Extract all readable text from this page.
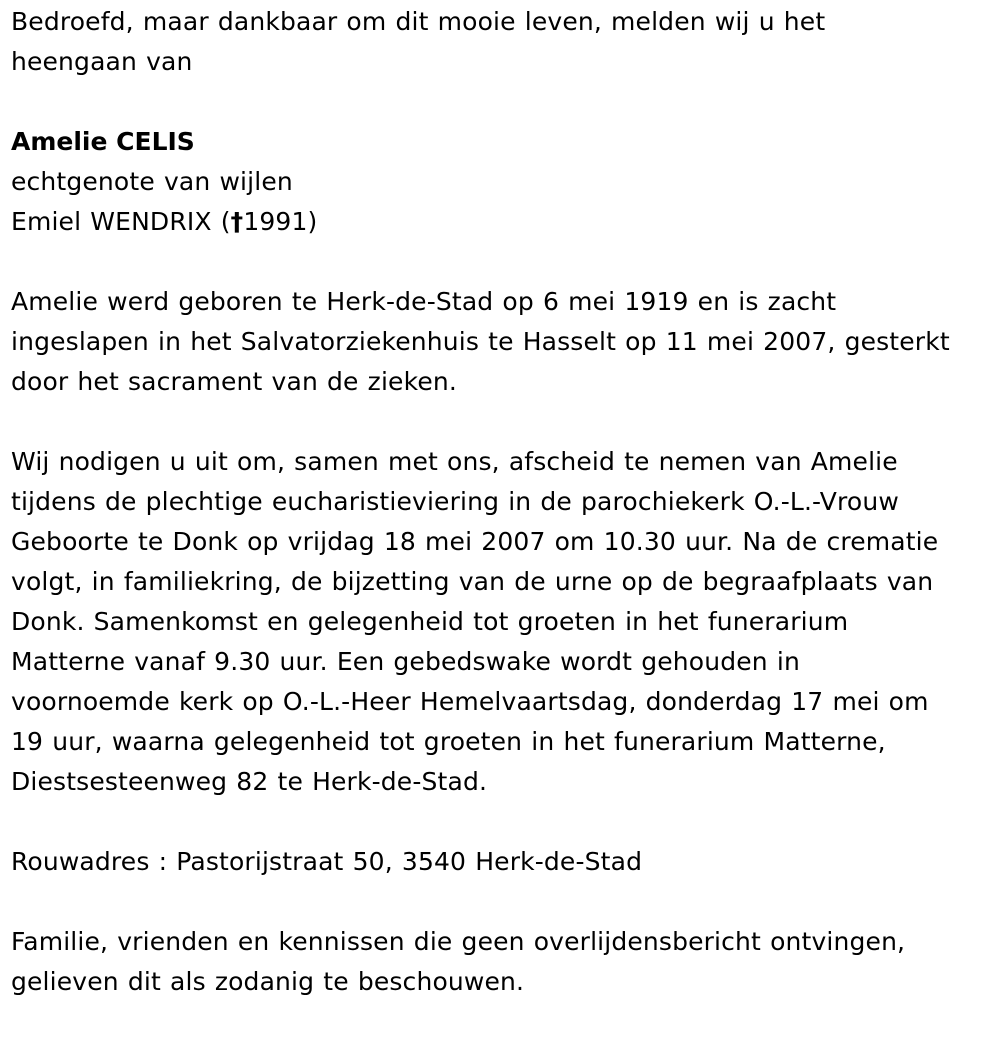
Bedroefd, maar dankbaar om dit mooie leven, melden wij u het
heengaan van
Amelie CELIS
echtgenote van wijlen
Emiel WENDRIX (†1991)
Amelie werd geboren te Herk-de-Stad op 6 mei 1919 en is zacht
ingeslapen in het Salvatorziekenhuis te Hasselt op 11 mei 2007, gesterkt
door het sacrament van de zieken.
Wij nodigen u uit om, samen met ons, afscheid te nemen van Amelie
tijdens de plechtige eucharistieviering in de parochiekerk O.-L.-Vrouw
Geboorte te Donk op vrijdag 18 mei 2007 om 10.30 uur. Na de crematie
volgt, in familiekring, de bijzetting van de urne op de begraafplaats van
Donk. Samenkomst en gelegenheid tot groeten in het funerarium
Matterne vanaf 9.30 uur. Een gebedswake wordt gehouden in
voornoemde kerk op O.-L.-Heer Hemelvaartsdag, donderdag 17 mei om
19 uur, waarna gelegenheid tot groeten in het funerarium Matterne,
Diestsesteenweg 82 te Herk-de-Stad.
Rouwadres : Pastorijstraat 50, 3540 Herk-de-Stad
Familie, vrienden en kennissen die geen overlijdensbericht ontvingen,
gelieven dit als zodanig te beschouwen.
